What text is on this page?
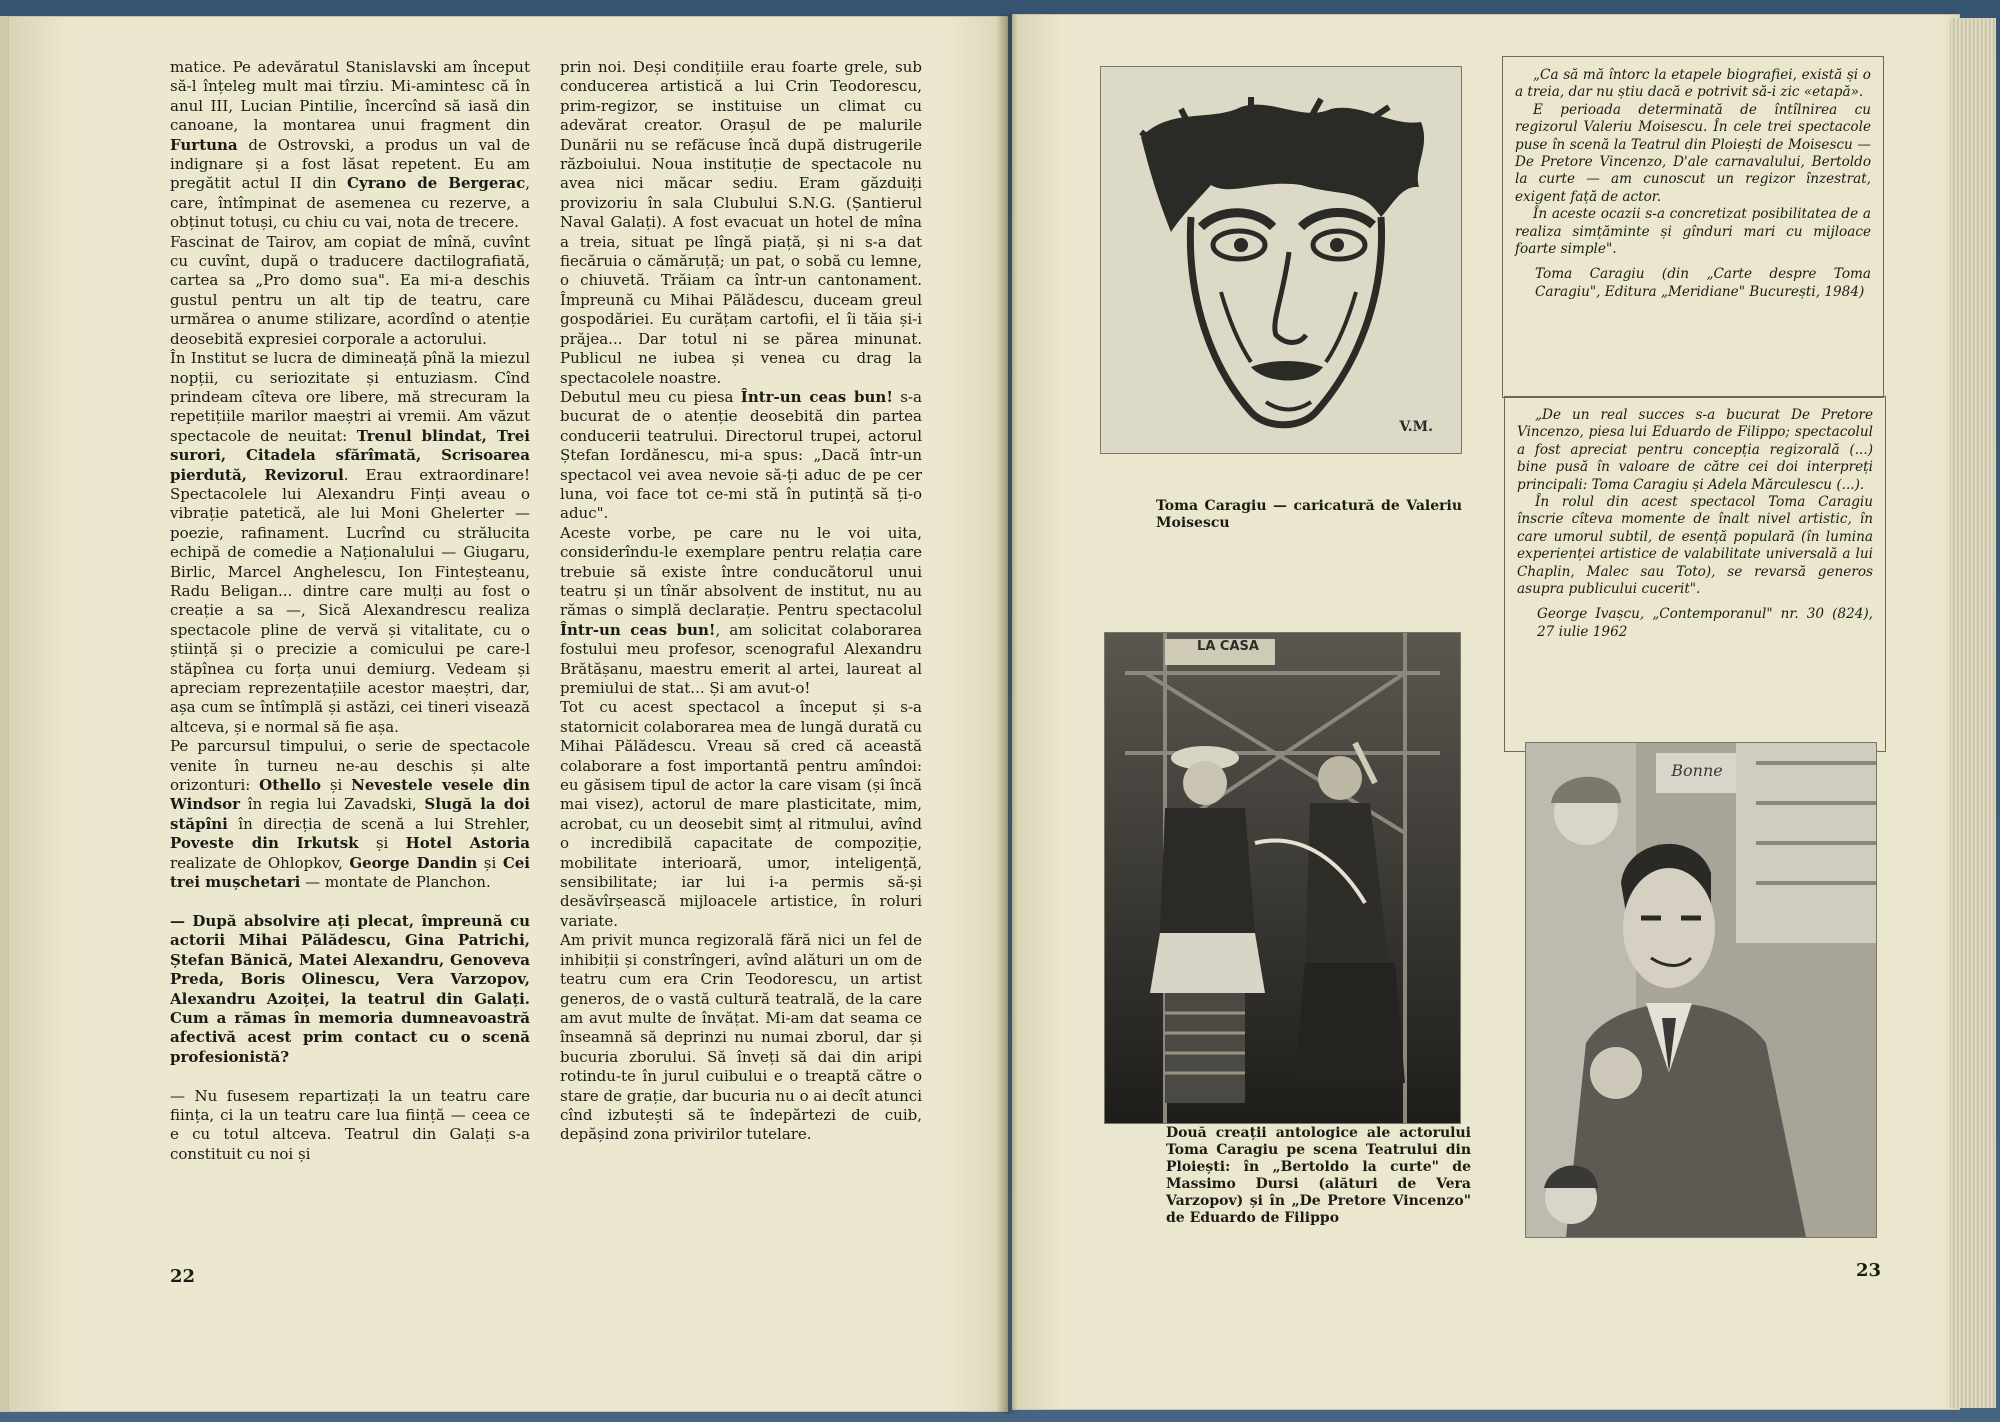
matice. Pe adevăratul Stanislavski am început să-l înțeleg mult mai tîrziu. Mi-amintesc că în anul III, Lucian Pintilie, încercînd să iasă din canoane, la montarea unui fragment din Furtuna de Ostrovski, a produs un val de indignare și a fost lăsat repetent. Eu am pregătit actul II din Cyrano de Bergerac, care, întîmpinat de asemenea cu rezerve, a obținut totuși, cu chiu cu vai, nota de trecere.
Fascinat de Tairov, am copiat de mînă, cuvînt cu cuvînt, după o traducere dactilografiată, cartea sa „Pro domo sua". Ea mi-a deschis gustul pentru un alt tip de teatru, care urmărea o anume stilizare, acordînd o atenție deosebită expresiei corporale a actorului.
În Institut se lucra de dimineață pînă la miezul nopții, cu seriozitate și entuziasm. Cînd prindeam cîteva ore libere, mă strecuram la repetițiile marilor maeștri ai vremii. Am văzut spectacole de neuitat: Trenul blindat, Trei surori, Citadela sfărîmată, Scrisoarea pierdută, Revizorul. Erau extraordinare! Spectacolele lui Alexandru Finți aveau o vibrație patetică, ale lui Moni Ghelerter — poezie, rafinament. Lucrînd cu strălucita echipă de comedie a Naționalului — Giugaru, Birlic, Marcel Anghelescu, Ion Finteșteanu, Radu Beligan... dintre care mulți au fost o creație a sa —, Sică Alexandrescu realiza spectacole pline de vervă și vitalitate, cu o știință și o precizie a comicului pe care-l stăpînea cu forța unui demiurg. Vedeam și apreciam reprezentațiile acestor maeștri, dar, așa cum se întîmplă și astăzi, cei tineri visează altceva, și e normal să fie așa.
Pe parcursul timpului, o serie de spectacole venite în turneu ne-au deschis și alte orizonturi: Othello și Nevestele vesele din Windsor în regia lui Zavadski, Slugă la doi stăpîni în direcția de scenă a lui Strehler, Poveste din Irkutsk și Hotel Astoria realizate de Ohlopkov, George Dandin și Cei trei mușchetari — montate de Planchon.

— După absolvire ați plecat, împreună cu actorii Mihai Pălădescu, Gina Patrichi, Ștefan Bănică, Matei Alexandru, Genoveva Preda, Boris Olinescu, Vera Varzopov, Alexandru Azoiței, la teatrul din Galați. Cum a rămas în memoria dumneavoastră afectivă acest prim contact cu o scenă profesionistă?

— Nu fusesem repartizați la un teatru care ființa, ci la un teatru care lua ființă — ceea ce e cu totul altceva. Teatrul din Galați s-a constituit cu noi și
prin noi. Deși condițiile erau foarte grele, sub conducerea artistică a lui Crin Teodorescu, prim-regizor, se instituise un climat cu adevărat creator. Orașul de pe malurile Dunării nu se refăcuse încă după distrugerile războiului. Noua instituție de spectacole nu avea nici măcar sediu. Eram găzduiți provizoriu în sala Clubului S.N.G. (Șantierul Naval Galați). A fost evacuat un hotel de mîna a treia, situat pe lîngă piață, și ni s-a dat fiecăruia o cămăruță; un pat, o sobă cu lemne, o chiuvetă. Trăiam ca într-un cantonament. Împreună cu Mihai Pălădescu, duceam greul gospodăriei. Eu curățam cartofii, el îi tăia și-i prăjea... Dar totul ni se părea minunat. Publicul ne iubea și venea cu drag la spectacolele noastre.
Debutul meu cu piesa Într-un ceas bun! s-a bucurat de o atenție deosebită din partea conducerii teatrului. Directorul trupei, actorul Ștefan Iordănescu, mi-a spus: „Dacă într-un spectacol vei avea nevoie să-ți aduc de pe cer luna, voi face tot ce-mi stă în putință să ți-o aduc".
Aceste vorbe, pe care nu le voi uita, considerîndu-le exemplare pentru relația care trebuie să existe între conducătorul unui teatru și un tînăr absolvent de institut, nu au rămas o simplă declarație. Pentru spectacolul Într-un ceas bun!, am solicitat colaborarea fostului meu profesor, scenograful Alexandru Brătășanu, maestru emerit al artei, laureat al premiului de stat... Și am avut-o!
Tot cu acest spectacol a început și s-a statornicit colaborarea mea de lungă durată cu Mihai Pălădescu. Vreau să cred că această colaborare a fost importantă pentru amîndoi: eu găsisem tipul de actor la care visam (și încă mai visez), actorul de mare plasticitate, mim, acrobat, cu un deosebit simț al ritmului, avînd o incredibilă capacitate de compoziție, mobilitate interioară, umor, inteligență, sensibilitate; iar lui i-a permis să-și desăvîrșească mijloacele artistice, în roluri variate.
Am privit munca regizorală fără nici un fel de inhibiții și constrîngeri, avînd alături un om de teatru cum era Crin Teodorescu, un artist generos, de o vastă cultură teatrală, de la care am avut multe de învățat. Mi-am dat seama ce înseamnă să deprinzi nu numai zborul, dar și bucuria zborului. Să înveți să dai din aripi rotindu-te în jurul cuibului e o treaptă către o stare de grație, dar bucuria nu o ai decît atunci cînd izbutești să te îndepărtezi de cuib, depășind zona privirilor tutelare.
22
V.M.
Toma Caragiu — caricatură de Valeriu Moisescu

„Ca să mă întorc la etapele biografiei, există și o a treia, dar nu știu dacă e potrivit să-i zic «etapă».

E perioada determinată de întîlnirea cu regizorul Valeriu Moisescu. În cele trei spectacole puse în scenă la Teatrul din Ploiești de Moisescu — De Pretore Vincenzo, D'ale carnavalului, Bertoldo la curte — am cunoscut un regizor înzestrat, exigent față de actor.

În aceste ocazii s-a concretizat posibilitatea de a realiza simțăminte și gînduri mari cu mijloace foarte simple".

Toma Caragiu (din „Carte despre Toma Caragiu", Editura „Meridiane" București, 1984)

„De un real succes s-a bucurat De Pretore Vincenzo, piesa lui Eduardo de Filippo; spectacolul a fost apreciat pentru concepția regizorală (...) bine pusă în valoare de către cei doi interpreți principali: Toma Caragiu și Adela Mărculescu (...).

În rolul din acest spectacol Toma Caragiu înscrie cîteva momente de înalt nivel artistic, în care umorul subtil, de esență populară (în lumina experienței artistice de valabilitate universală a lui Chaplin, Malec sau Toto), se revarsă generos asupra publicului cucerit".

George Ivașcu, „Contemporanul" nr. 30 (824), 27 iulie 1962

LA CASA
Două creații antologice ale actorului Toma Caragiu pe scena Teatrului din Ploiești: în „Bertoldo la curte" de Massimo Dursi (alături de Vera Varzopov) și în „De Pretore Vincenzo" de Eduardo de Filippo
Bonne
23
